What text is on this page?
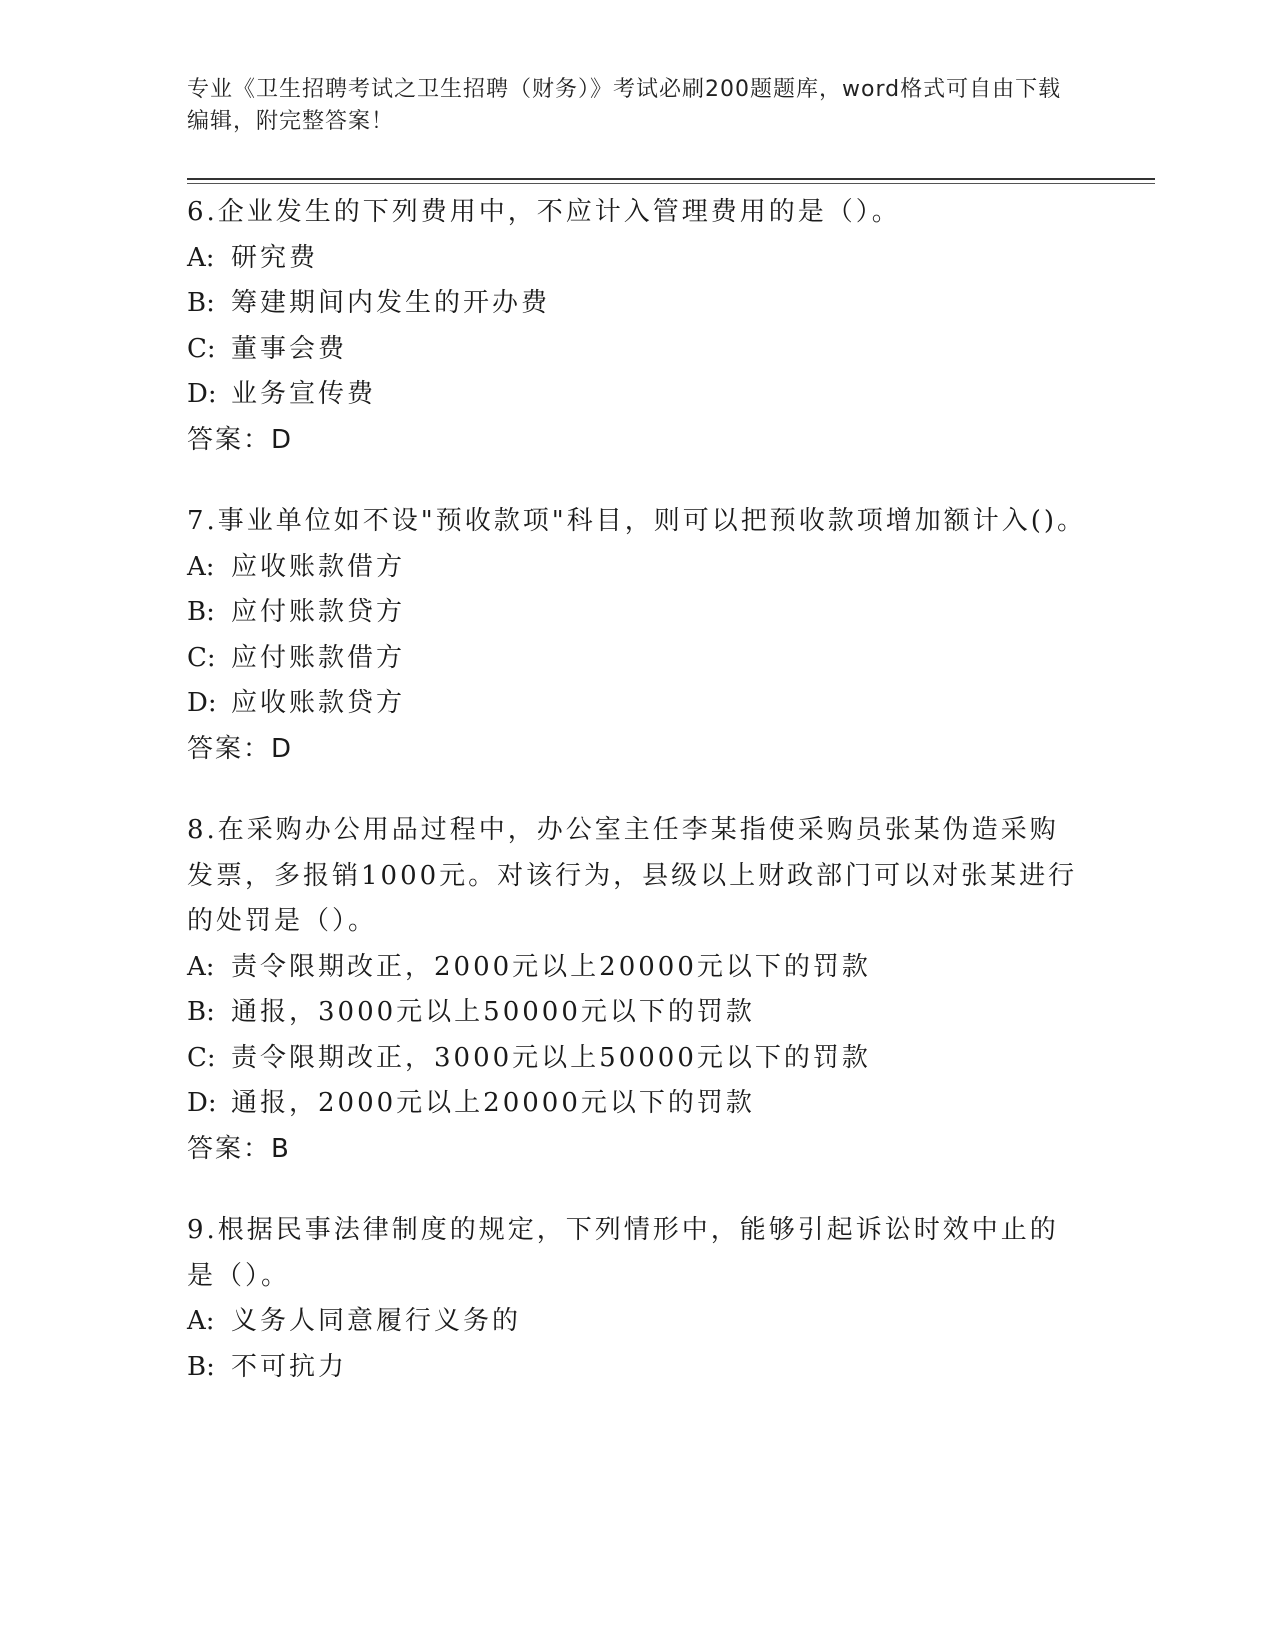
专业《卫生招聘考试之卫生招聘（财务）》考试必刷200题题库，word格式可自由下载编辑，附完整答案！

6.企业发生的下列费用中，不应计入管理费用的是（）。

A: 研究费

B: 筹建期间内发生的开办费

C: 董事会费

D: 业务宣传费

答案：D

7.事业单位如不设"预收款项"科目，则可以把预收款项增加额计入()。

A: 应收账款借方

B: 应付账款贷方

C: 应付账款借方

D: 应收账款贷方

答案：D

8.在采购办公用品过程中，办公室主任李某指使采购员张某伪造采购发票，多报销1000元。对该行为，县级以上财政部门可以对张某进行的处罚是（）。

A: 责令限期改正，2000元以上20000元以下的罚款

B: 通报，3000元以上50000元以下的罚款

C: 责令限期改正，3000元以上50000元以下的罚款

D: 通报，2000元以上20000元以下的罚款

答案：B

9.根据民事法律制度的规定，下列情形中，能够引起诉讼时效中止的是（）。

A: 义务人同意履行义务的

B: 不可抗力
